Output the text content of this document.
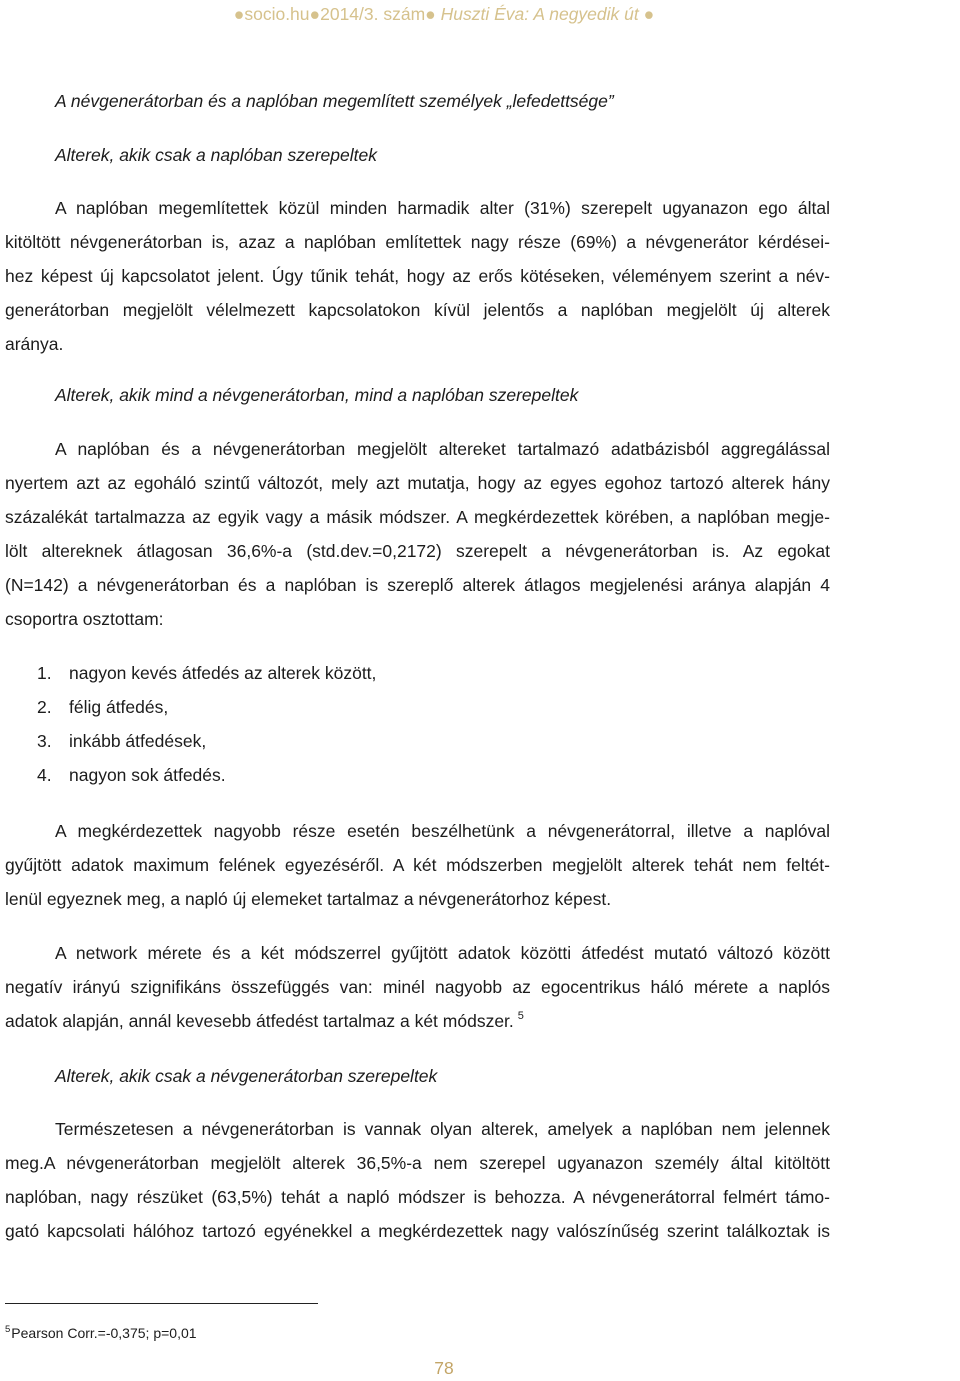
●socio.hu●2014/3. szám● Huszti Éva: A negyedik út ●
A névgenerátorban és a naplóban megemlített személyek „lefedettsége”
Alterek, akik csak a naplóban szerepeltek
A naplóban megemlítettek közül minden harmadik alter (31%) szerepelt ugyanazon ego által
kitöltött névgenerátorban is, azaz a naplóban említettek nagy része (69%) a névgenerátor kérdései-
hez képest új kapcsolatot jelent. Úgy tűnik tehát, hogy az erős kötéseken, véleményem szerint a név-
generátorban megjelölt vélelmezett kapcsolatokon kívül jelentős a naplóban megjelölt új alterek
aránya.
Alterek, akik mind a névgenerátorban, mind a naplóban szerepeltek
A naplóban és a névgenerátorban megjelölt altereket tartalmazó adatbázisból aggregálással
nyertem azt az egoháló szintű változót, mely azt mutatja, hogy az egyes egohoz tartozó alterek hány
százalékát tartalmazza az egyik vagy a másik módszer. A megkérdezettek körében, a naplóban megje-
lölt altereknek átlagosan 36,6%-a (std.dev.=0,2172) szerepelt a névgenerátorban is. Az egokat
(N=142) a névgenerátorban és a naplóban is szereplő alterek átlagos megjelenési aránya alapján 4
csoportra osztottam:
1. nagyon kevés átfedés az alterek között,
2. félig átfedés,
3. inkább átfedések,
4. nagyon sok átfedés.
A megkérdezettek nagyobb része esetén beszélhetünk a névgenerátorral, illetve a naplóval
gyűjtött adatok maximum felének egyezéséről. A két módszerben megjelölt alterek tehát nem feltét-
lenül egyeznek meg, a napló új elemeket tartalmaz a névgenerátorhoz képest.
A network mérete és a két módszerrel gyűjtött adatok közötti átfedést mutató változó között
negatív irányú szignifikáns összefüggés van: minél nagyobb az egocentrikus háló mérete a naplós
adatok alapján, annál kevesebb átfedést tartalmaz a két módszer. $^5$
Alterek, akik csak a névgenerátorban szerepeltek
Természetesen a névgenerátorban is vannak olyan alterek, amelyek a naplóban nem jelennek
meg.A névgenerátorban megjelölt alterek 36,5%-a nem szerepel ugyanazon személy által kitöltött
naplóban, nagy részüket (63,5%) tehát a napló módszer is behozza. A névgenerátorral felmért támo-
gató kapcsolati hálóhoz tartozó egyénekkel a megkérdezettek nagy valószínűség szerint találkoztak is
$^5$Pearson Corr.=-0,375; p=0,01
78
